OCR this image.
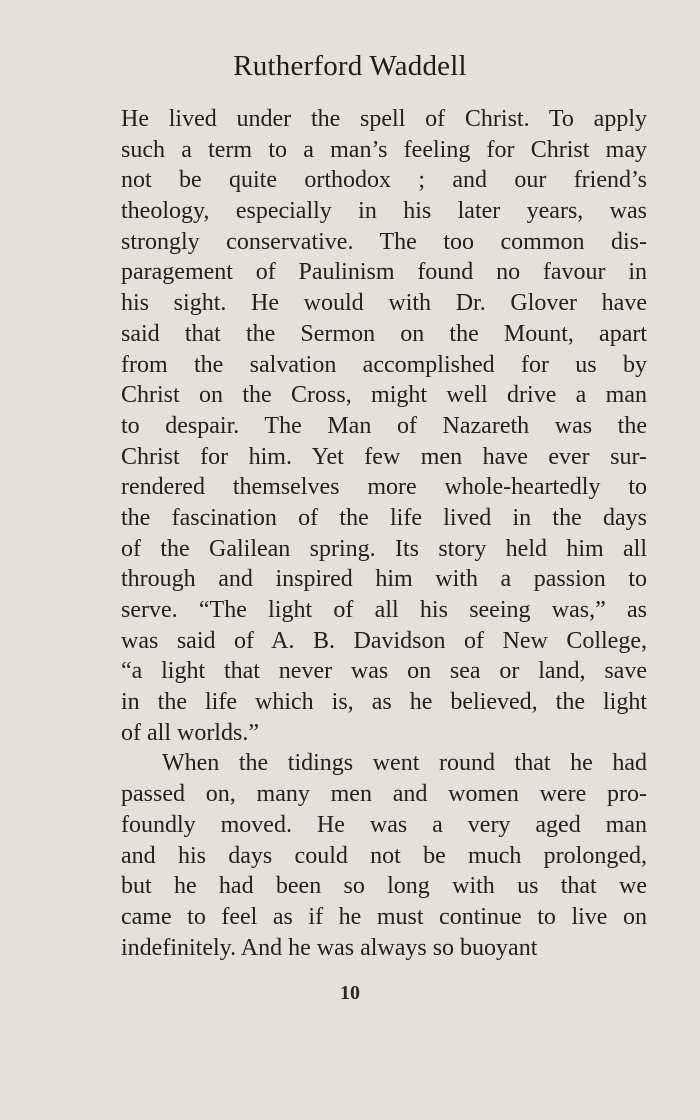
Rutherford Waddell
He lived under the spell of Christ. To apply
such a term to a man’s feeling for Christ may
not be quite orthodox ; and our friend’s
theology, especially in his later years, was
strongly conservative. The too common dis-
paragement of Paulinism found no favour in
his sight. He would with Dr. Glover have
said that the Sermon on the Mount, apart
from the salvation accomplished for us by
Christ on the Cross, might well drive a man
to despair. The Man of Nazareth was the
Christ for him. Yet few men have ever sur-
rendered themselves more whole-heartedly to
the fascination of the life lived in the days
of the Galilean spring. Its story held him all
through and inspired him with a passion to
serve. “The light of all his seeing was,” as
was said of A. B. Davidson of New College,
“a light that never was on sea or land, save
in the life which is, as he believed, the light
of all worlds.”
When the tidings went round that he had
passed on, many men and women were pro-
foundly moved. He was a very aged man
and his days could not be much prolonged,
but he had been so long with us that we
came to feel as if he must continue to live on
indefinitely. And he was always so buoyant
10
